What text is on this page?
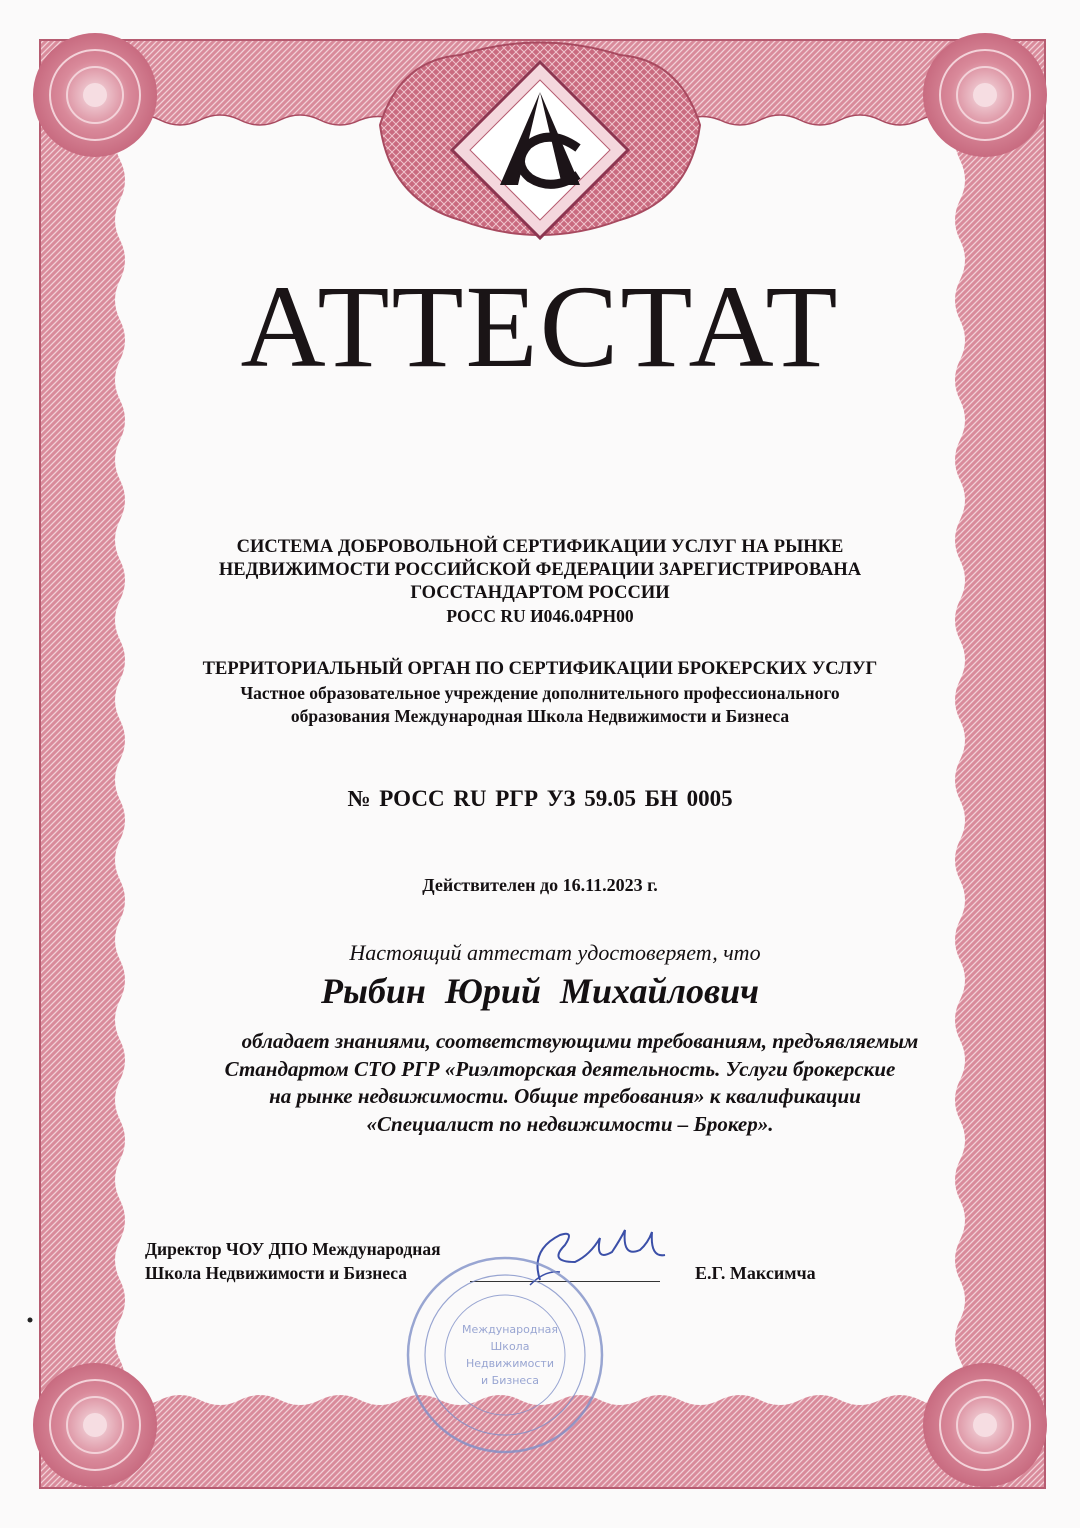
АТТЕСТАТ
СИСТЕМА ДОБРОВОЛЬНОЙ СЕРТИФИКАЦИИ УСЛУГ НА РЫНКЕ
НЕДВИЖИМОСТИ РОССИЙСКОЙ ФЕДЕРАЦИИ ЗАРЕГИСТРИРОВАНА
ГОССТАНДАРТОМ РОССИИ
РОСС RU И046.04РН00
ТЕРРИТОРИАЛЬНЫЙ ОРГАН ПО СЕРТИФИКАЦИИ БРОКЕРСКИХ УСЛУГ
Частное образовательное учреждение дополнительного профессионального
образования Международная Школа Недвижимости и Бизнеса
№ РОСС RU РГР УЗ 59.05 БН 0005
Действителен до 16.11.2023 г.
Настоящий аттестат удостоверяет, что
Рыбин Юрий Михайлович
обладает знаниями, соответствующими требованиям, предъявляемым
Стандартом СТО РГР «Риэлторская деятельность. Услуги брокерские
на рынке недвижимости. Общие требования» к квалификации
«Специалист по недвижимости – Брокер».
Директор ЧОУ ДПО Международная
Школа Недвижимости и Бизнеса	Е.Г. Максимча
Международная
Школа
Недвижимости
и Бизнеса
